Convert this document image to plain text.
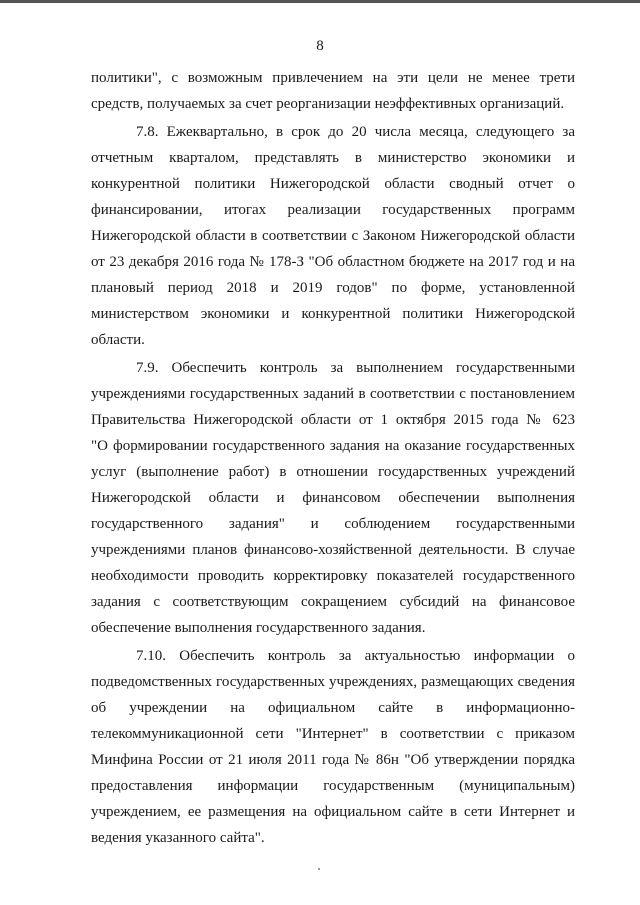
8
политики", с возможным привлечением на эти цели не менее трети
средств, получаемых за счет реорганизации неэффективных организаций.
7.8. Ежеквартально, в срок до 20 числа месяца, следующего за
отчетным кварталом, представлять в министерство экономики и
конкурентной политики Нижегородской области сводный отчет о
финансировании, итогах реализации государственных программ
Нижегородской области в соответствии с Законом Нижегородской области
от 23 декабря 2016 года № 178-З "Об областном бюджете на 2017 год и на
плановый период 2018 и 2019 годов" по форме, установленной
министерством экономики и конкурентной политики Нижегородской
области.
7.9. Обеспечить контроль за выполнением государственными
учреждениями государственных заданий в соответствии с постановлением
Правительства Нижегородской области от 1 октября 2015 года № 623
"О формировании государственного задания на оказание государственных
услуг (выполнение работ) в отношении государственных учреждений
Нижегородской области и финансовом обеспечении выполнения
государственного задания" и соблюдением государственными
учреждениями планов финансово-хозяйственной деятельности. В случае
необходимости проводить корректировку показателей государственного
задания с соответствующим сокращением субсидий на финансовое
обеспечение выполнения государственного задания.
7.10. Обеспечить контроль за актуальностью информации о
подведомственных государственных учреждениях, размещающих сведения
об учреждении на официальном сайте в информационно-
телекоммуникационной сети "Интернет" в соответствии с приказом
Минфина России от 21 июля 2011 года № 86н "Об утверждении порядка
предоставления информации государственным (муниципальным)
учреждением, ее размещения на официальном сайте в сети Интернет и
ведения указанного сайта".
